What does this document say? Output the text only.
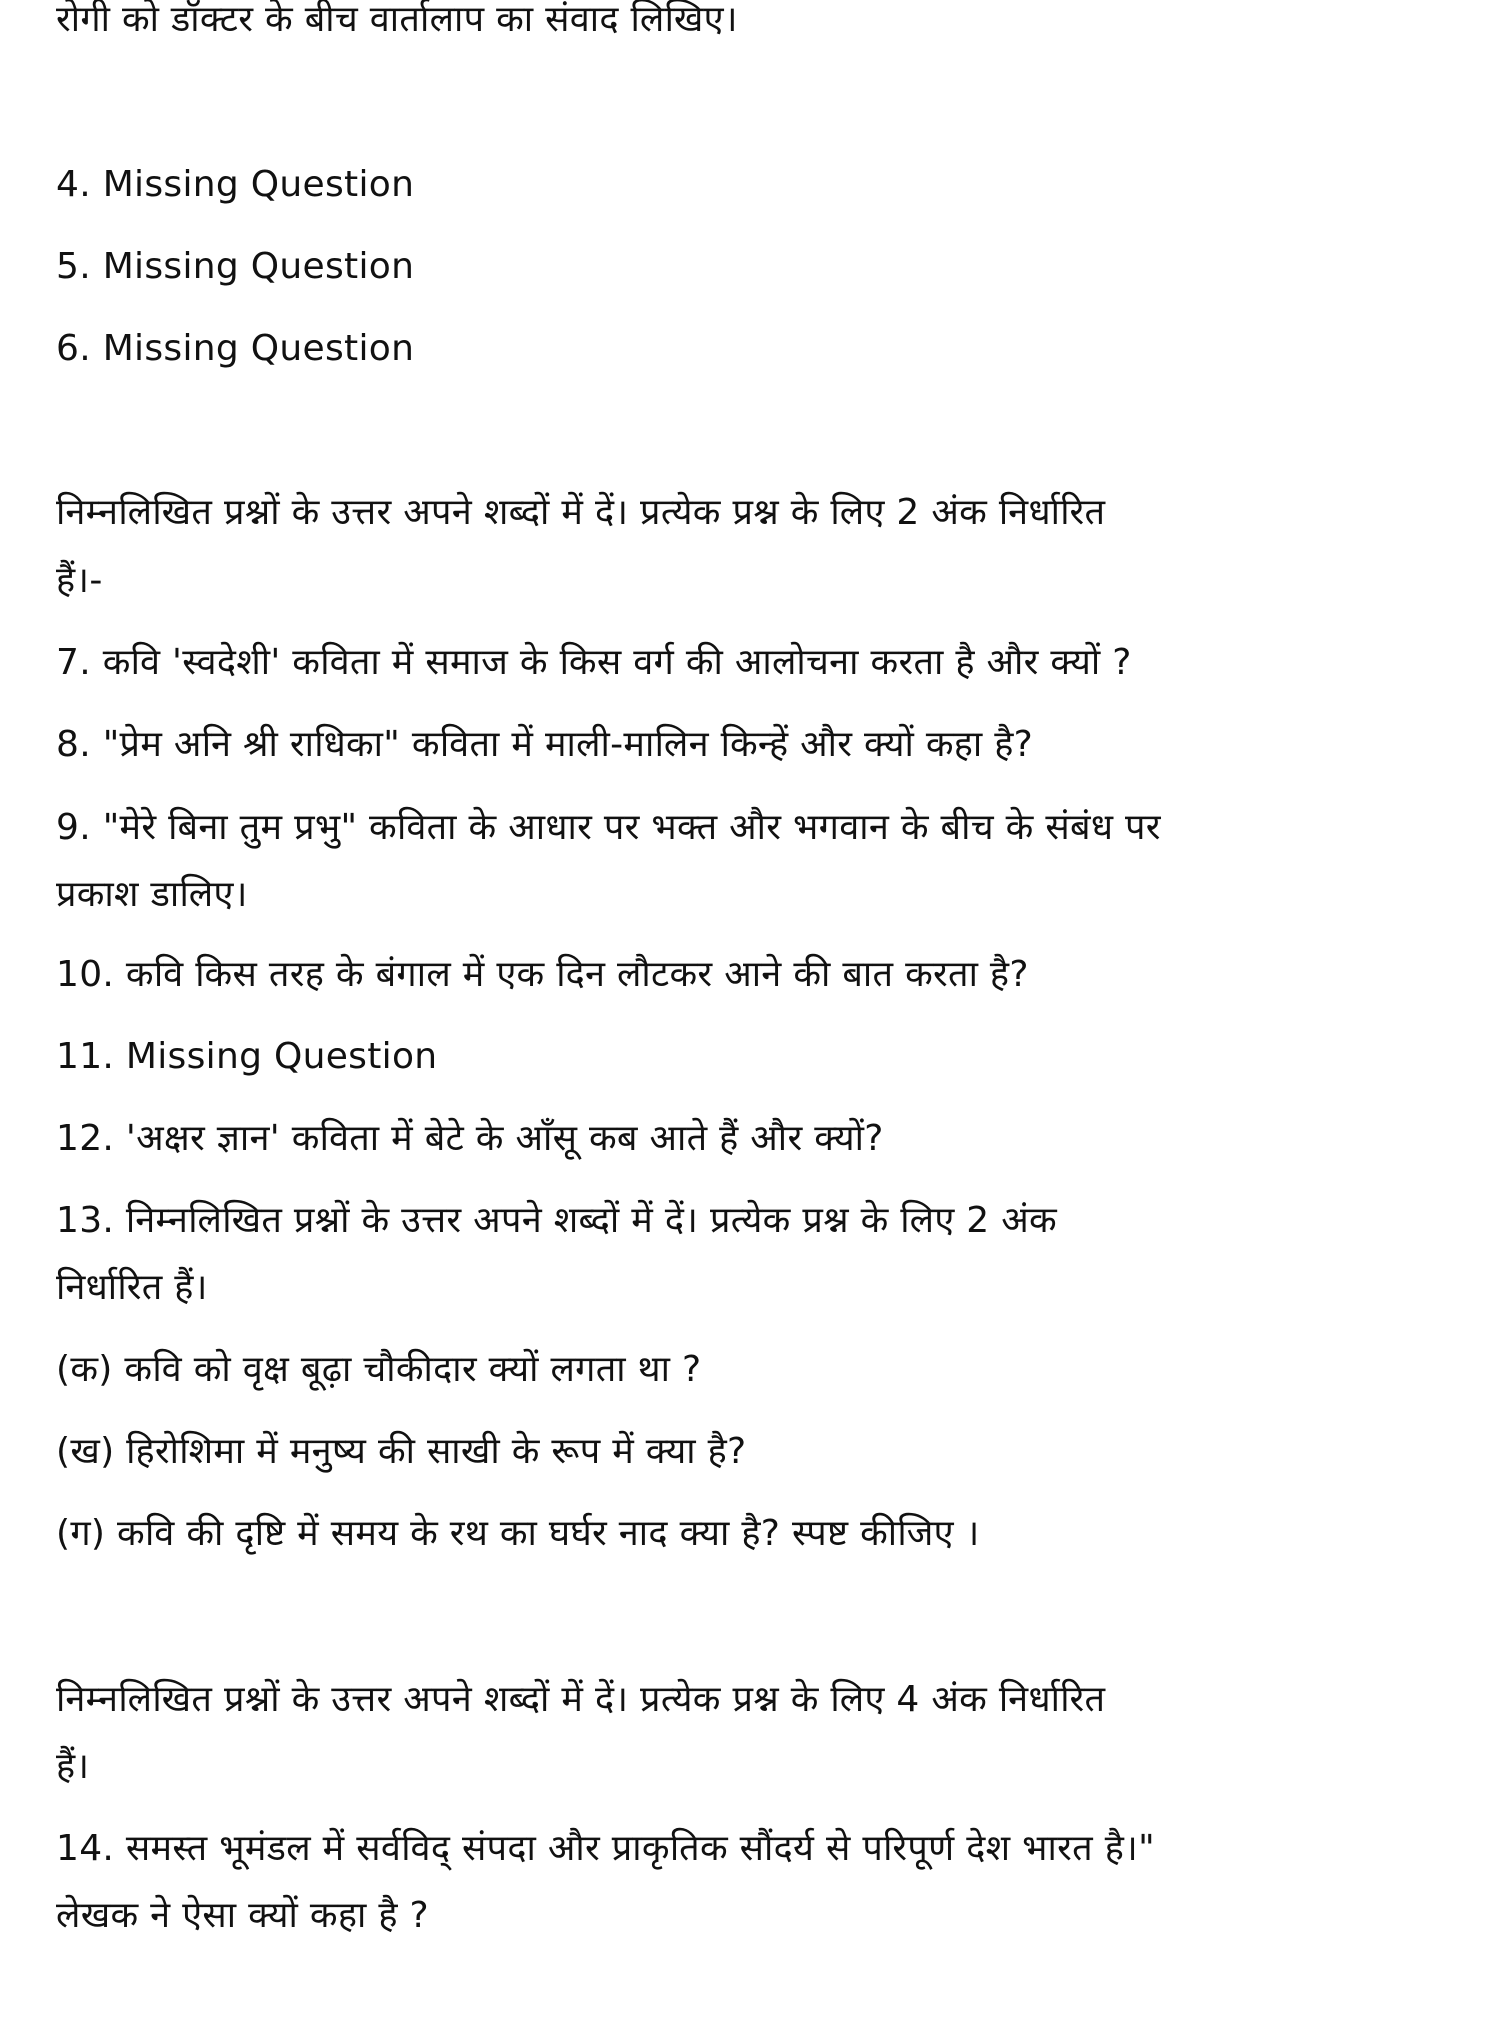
रोगी को डॉक्टर के बीच वार्तालाप का संवाद लिखिए।
4. Missing Question
5. Missing Question
6. Missing Question
निम्नलिखित प्रश्नों के उत्तर अपने शब्दों में दें। प्रत्येक प्रश्न के लिए 2 अंक निर्धारित
हैं।-
7. कवि 'स्वदेशी' कविता में समाज के किस वर्ग की आलोचना करता है और क्यों ?
8. "प्रेम अनि श्री राधिका" कविता में माली-मालिन किन्हें और क्यों कहा है?
9. "मेरे बिना तुम प्रभु" कविता के आधार पर भक्त और भगवान के बीच के संबंध पर
प्रकाश डालिए।
10. कवि किस तरह के बंगाल में एक दिन लौटकर आने की बात करता है?
11. Missing Question
12. 'अक्षर ज्ञान' कविता में बेटे के आँसू कब आते हैं और क्यों?
13. निम्नलिखित प्रश्नों के उत्तर अपने शब्दों में दें। प्रत्येक प्रश्न के लिए 2 अंक
निर्धारित हैं।
(क) कवि को वृक्ष बूढ़ा चौकीदार क्यों लगता था ?
(ख) हिरोशिमा में मनुष्य की साखी के रूप में क्या है?
(ग) कवि की दृष्टि में समय के रथ का घर्घर नाद क्या है? स्पष्ट कीजिए ।
निम्नलिखित प्रश्नों के उत्तर अपने शब्दों में दें। प्रत्येक प्रश्न के लिए 4 अंक निर्धारित
हैं।
14. समस्त भूमंडल में सर्वविद् संपदा और प्राकृतिक सौंदर्य से परिपूर्ण देश भारत है।"
लेखक ने ऐसा क्यों कहा है ?
